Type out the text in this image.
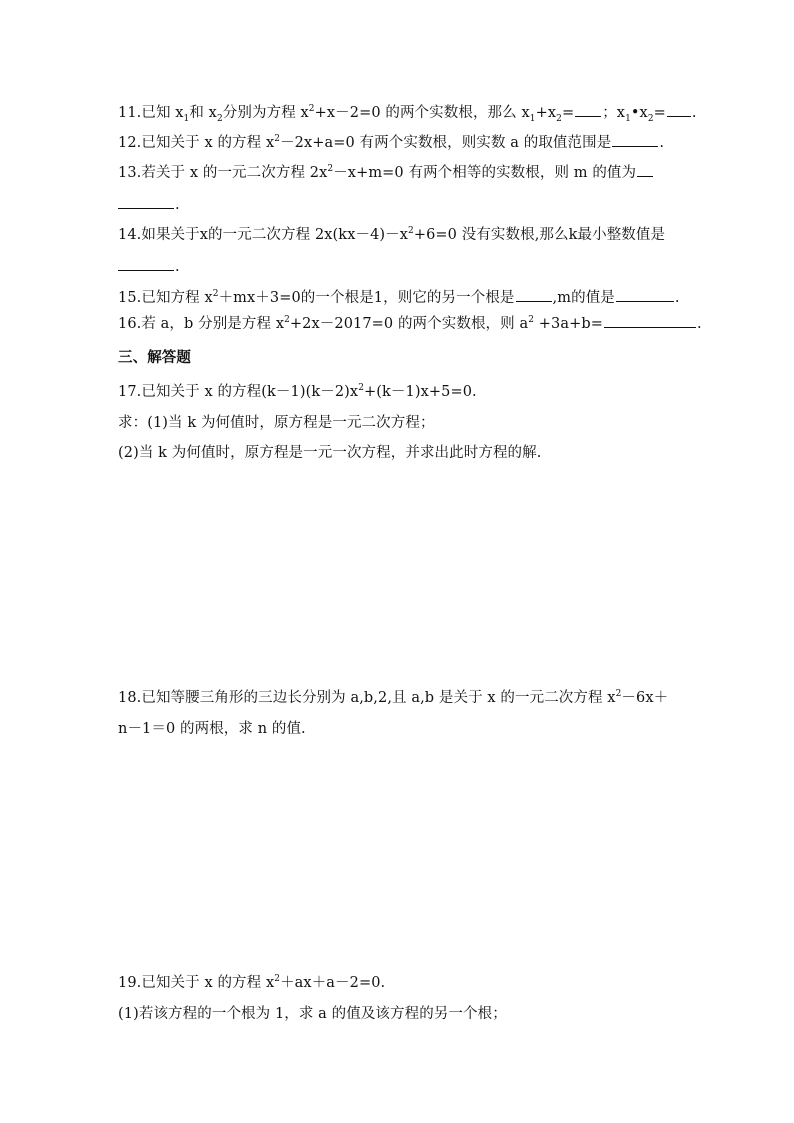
11.已知 $x_1$和 $x_2$分别为方程 $x^2+x-2=0$ 的两个实数根，那么 $x_1+x_2=$ ；$x_1•x_2=$ .
12.已知关于 x 的方程 $x^2-2x+a=0$ 有两个实数根，则实数 a 的取值范围是	.
13.若关于 x 的一元二次方程 $2x^2-x+m=0$ 有两个相等的实数根，则 m 的值为
.
14.如果关于x的一元二次方程 $2x(kx-4)-x^2+6=0$ 没有实数根,那么k最小整数值是
.
15.已知方程 $x^2+mx+3=0$的一个根是1，则它的另一个根是	,m的值是	.
16.若 a，b 分别是方程 $x^2+2x-2017=0$ 的两个实数根，则 $a^2 +3a+b=$	.
三、解答题
17.已知关于 x 的方程$(k-1)(k-2)x^2+(k-1)x+5=0$.
求：(1)当 k 为何值时，原方程是一元二次方程；
(2)当 k 为何值时，原方程是一元一次方程，并求出此时方程的解.
18.已知等腰三角形的三边长分别为 a,b,2,且 a,b 是关于 x 的一元二次方程 $x^2-6x+$
n－1＝0 的两根，求 n 的值.
19.已知关于 x 的方程 $x^2+ax+a-2=0$.
(1)若该方程的一个根为 1，求 a 的值及该方程的另一个根；
